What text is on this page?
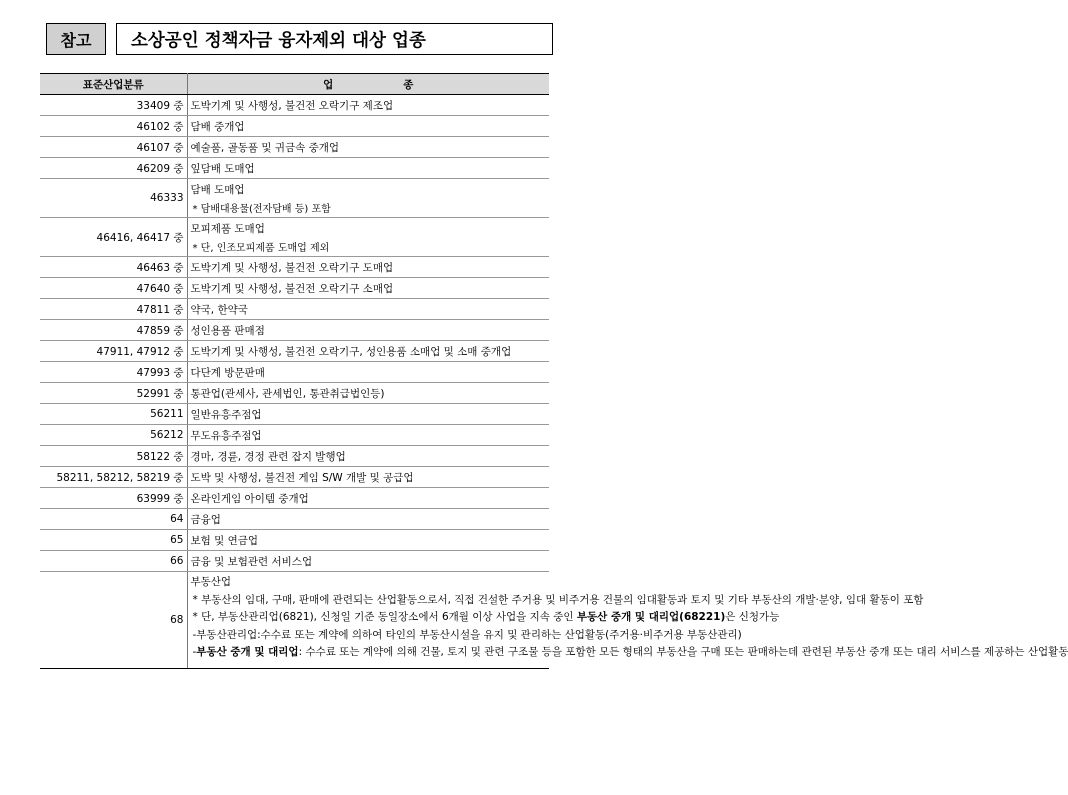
참고	소상공인 정책자금 융자제외 대상 업종
표준산업분류	업종
33409 중	도박기계 및 사행성, 불건전 오락기구 제조업
46102 중	담배 중개업
46107 중	예술품, 골동품 및 귀금속 중개업
46209 중	잎담배 도매업
46333	담배 도매업
* 담배대용물(전자담배 등) 포함

46416, 46417 중	모피제품 도매업
* 단, 인조모피제품 도매업 제외

46463 중	도박기계 및 사행성, 불건전 오락기구 도매업
47640 중	도박기계 및 사행성, 불건전 오락기구 소매업
47811 중	약국, 한약국
47859 중	성인용품 판매점
47911, 47912 중	도박기계 및 사행성, 불건전 오락기구, 성인용품 소매업 및 소매 중개업
47993 중	다단계 방문판매
52991 중	통관업(관세사, 관세법인, 통관취급법인등)
56211	일반유흥주점업
56212	무도유흥주점업
58122 중	경마, 경륜, 경정 관련 잡지 발행업
58211, 58212, 58219 중	도박 및 사행성, 불건전 게임 S/W 개발 및 공급업
63999 중	온라인게임 아이템 중개업
64	금융업
65	보험 및 연금업
66	금융 및 보험관련 서비스업
68	부동산업
* 부동산의 임대, 구매, 판매에 관련되는 산업활동으로서, 직접 건설한 주거용 및 비주거용 건물의 임대활동과 토지 및 기타 부동산의 개발·분양, 임대 활동이 포함
* 단, 부동산관리업(6821), 신청일 기준 동일장소에서 6개월 이상 사업을 지속 중인 부동산 중개 및 대리업(68221)은 신청가능
-부동산관리업:수수료 또는 계약에 의하여 타인의 부동산시설을 유지 및 관리하는 산업활동(주거용·비주거용 부동산관리)
-부동산 중개 및 대리업: 수수료 또는 계약에 의해 건물, 토지 및 관련 구조물 등을 포함한 모든 형태의 부동산을 구매 또는 판매하는데 관련된 부동산 중개 또는 대리 서비스를 제공하는 산업활동
